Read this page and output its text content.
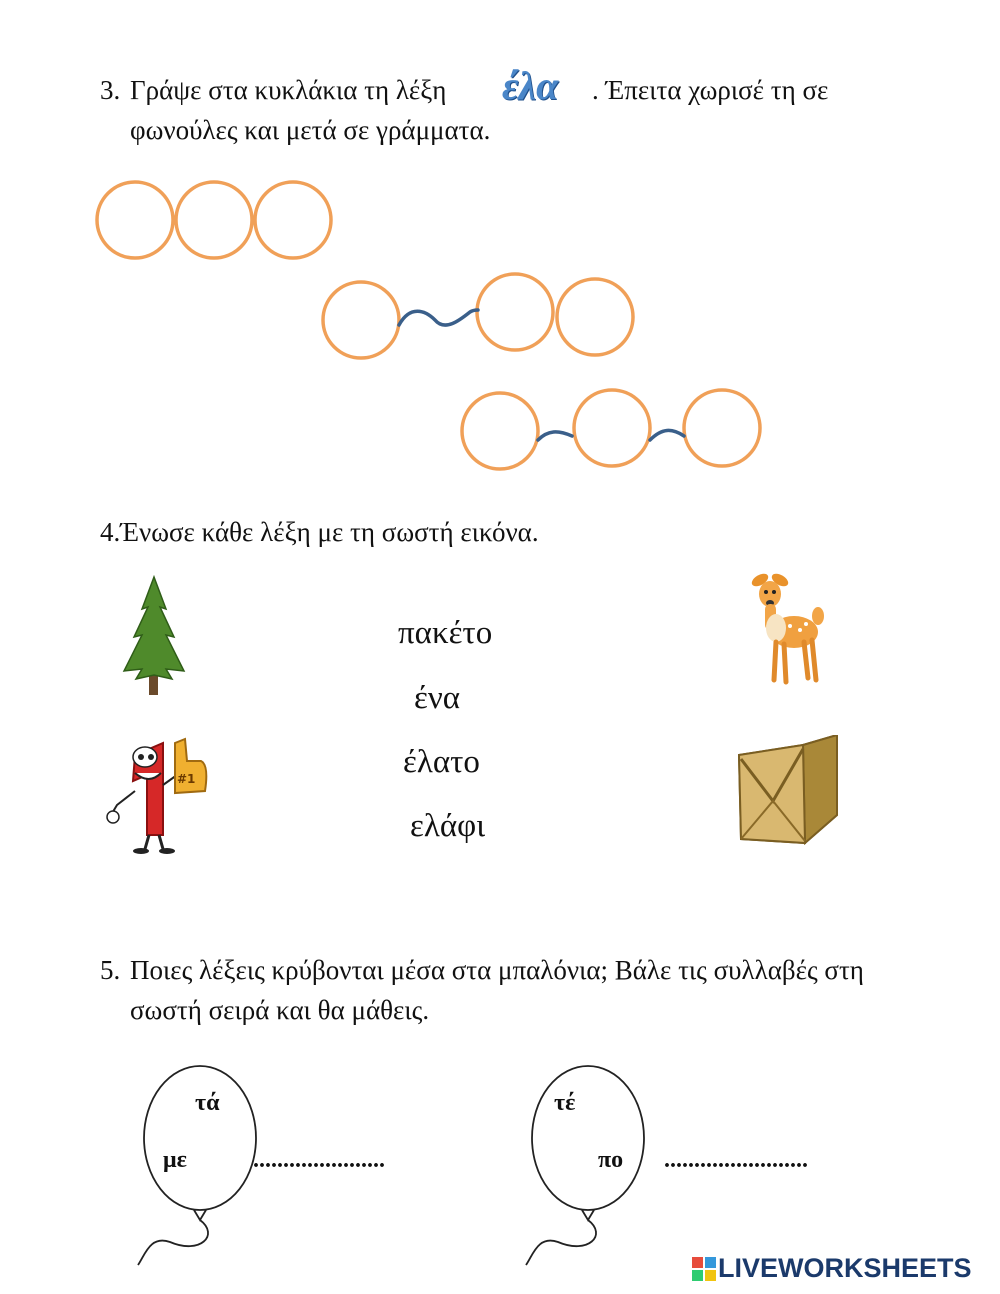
3. Γράψε στα κυκλάκια τη λέξη έλα . Έπειτα χωρισέ τη σε
φωνούλες και μετά σε γράμματα.
4.Ένωσε κάθε λέξη με τη σωστή εικόνα.
#1
πακέτο
ένα
έλατο
ελάφι
5. Ποιες λέξεις κρύβονται μέσα στα μπαλόνια; Βάλε τις συλλαβές στη
σωστή σειρά και θα μάθεις.
τά
με	......................
τέ
πο ........................
LIVEWORKSHEETS
